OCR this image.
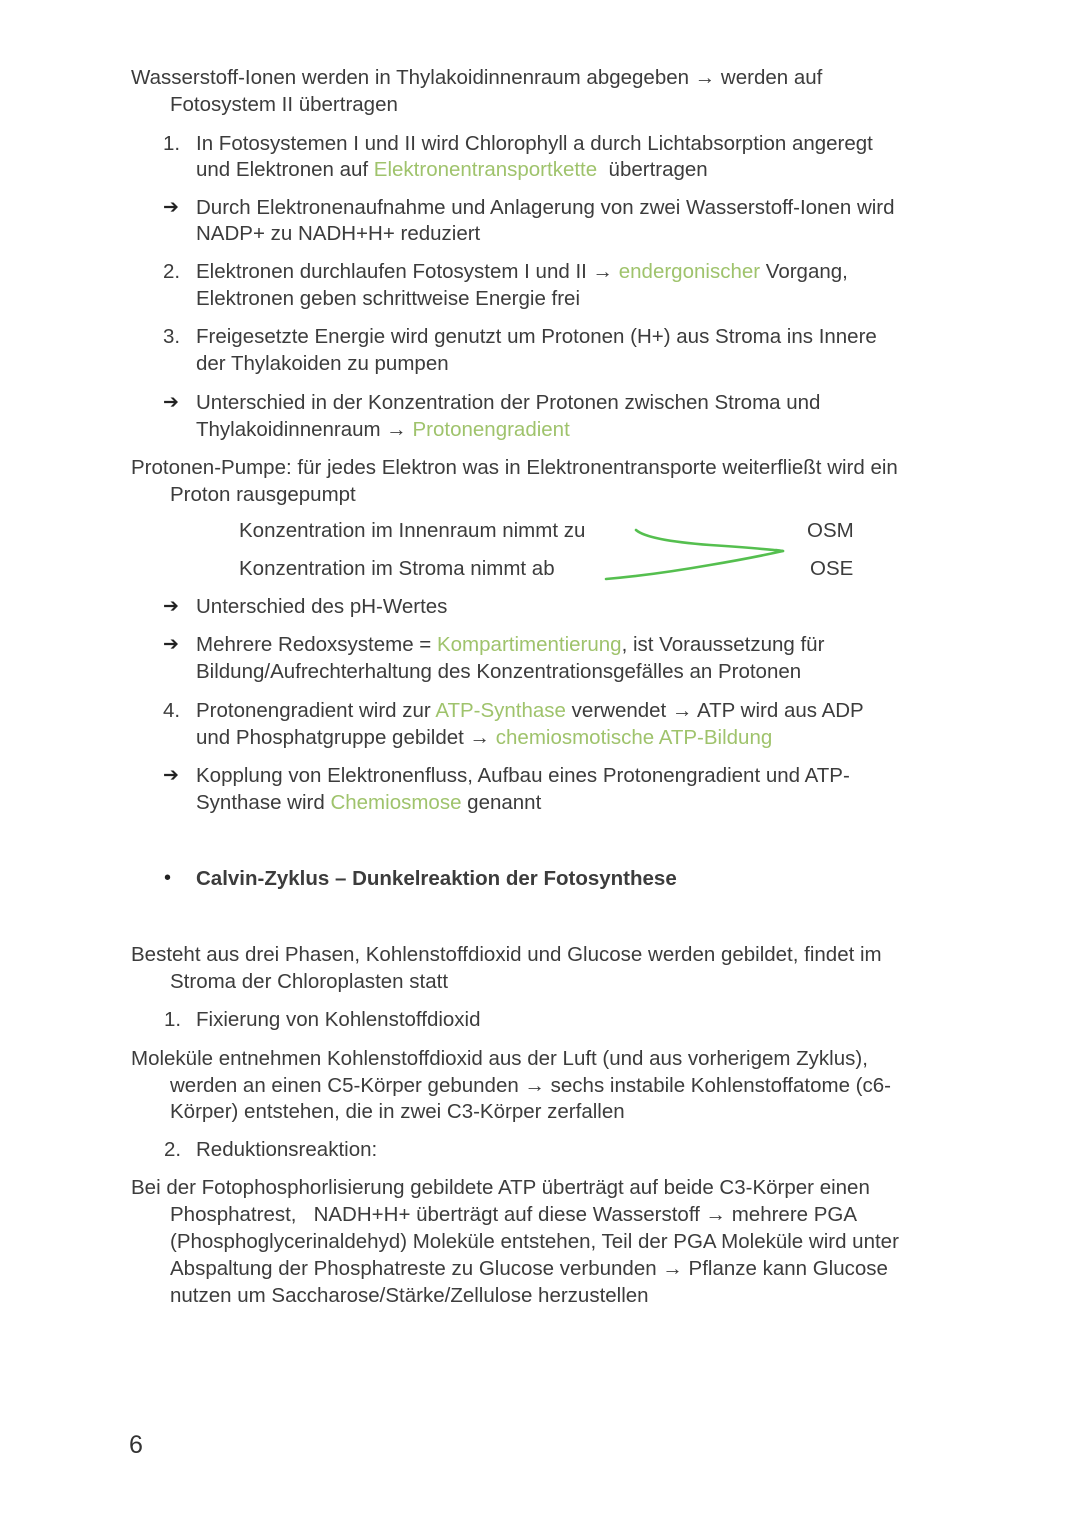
Wasserstoff-Ionen werden in Thylakoidinnenraum abgegeben → werden auf
Fotosystem II übertragen
1. In Fotosystemen I und II wird Chlorophyll a durch Lichtabsorption angeregt
und Elektronen auf Elektronentransportkette  übertragen
➔ Durch Elektronenaufnahme und Anlagerung von zwei Wasserstoff-Ionen wird
NADP+ zu NADH+H+ reduziert
2. Elektronen durchlaufen Fotosystem I und II → endergonischer Vorgang,
Elektronen geben schrittweise Energie frei
3. Freigesetzte Energie wird genutzt um Protonen (H+) aus Stroma ins Innere
der Thylakoiden zu pumpen
➔ Unterschied in der Konzentration der Protonen zwischen Stroma und
Thylakoidinnenraum → Protonengradient
Protonen-Pumpe: für jedes Elektron was in Elektronentransporte weiterfließt wird ein
Proton rausgepumpt
Konzentration im Innenraum nimmt zu	OSM
Konzentration im Stroma nimmt ab	OSE
➔ Unterschied des pH-Wertes
➔ Mehrere Redoxsysteme = Kompartimentierung, ist Voraussetzung für
Bildung/Aufrechterhaltung des Konzentrationsgefälles an Protonen
4. Protonengradient wird zur ATP-Synthase verwendet → ATP wird aus ADP
und Phosphatgruppe gebildet → chemiosmotische ATP-Bildung
➔ Kopplung von Elektronenfluss, Aufbau eines Protonengradient und ATP-
Synthase wird Chemiosmose genannt
• Calvin-Zyklus – Dunkelreaktion der Fotosynthese
Besteht aus drei Phasen, Kohlenstoffdioxid und Glucose werden gebildet, findet im
Stroma der Chloroplasten statt
1. Fixierung von Kohlenstoffdioxid
Moleküle entnehmen Kohlenstoffdioxid aus der Luft (und aus vorherigem Zyklus),
werden an einen C5-Körper gebunden → sechs instabile Kohlenstoffatome (c6-
Körper) entstehen, die in zwei C3-Körper zerfallen
2. Reduktionsreaktion:
Bei der Fotophosphorlisierung gebildete ATP überträgt auf beide C3-Körper einen
Phosphatrest,   NADH+H+ überträgt auf diese Wasserstoff → mehrere PGA
(Phosphoglycerinaldehyd) Moleküle entstehen, Teil der PGA Moleküle wird unter
Abspaltung der Phosphatreste zu Glucose verbunden → Pflanze kann Glucose
nutzen um Saccharose/Stärke/Zellulose herzustellen
6
